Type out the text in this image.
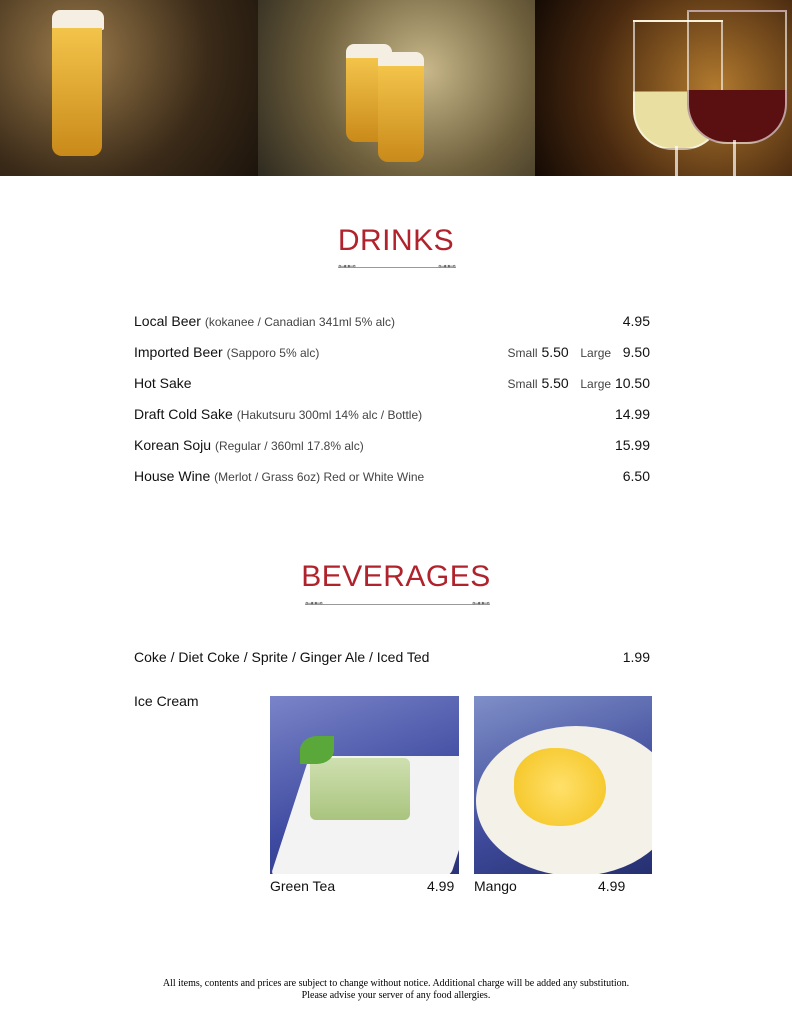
DRINKS
⊶⊷	⊶⊷
Local Beer (kokanee / Canadian 341ml 5% alc)	4.95
Imported Beer (Sapporo 5% alc)	Small 5.50 Large 9.50
Hot Sake	Small 5.50 Large 10.50
Draft Cold Sake (Hakutsuru 300ml 14% alc / Bottle)	14.99
Korean Soju (Regular / 360ml 17.8% alc)	15.99
House Wine (Merlot / Grass 6oz) Red or White Wine	6.50
BEVERAGES
⊶⊷	⊶⊷
Coke / Diet Coke / Sprite / Ginger Ale / Iced Ted	1.99
Ice Cream
Green Tea	4.99 Mango	4.99
All items, contents and prices are subject to change without notice. Additional charge will be added any substitution.
Please advise your server of any food allergies.
